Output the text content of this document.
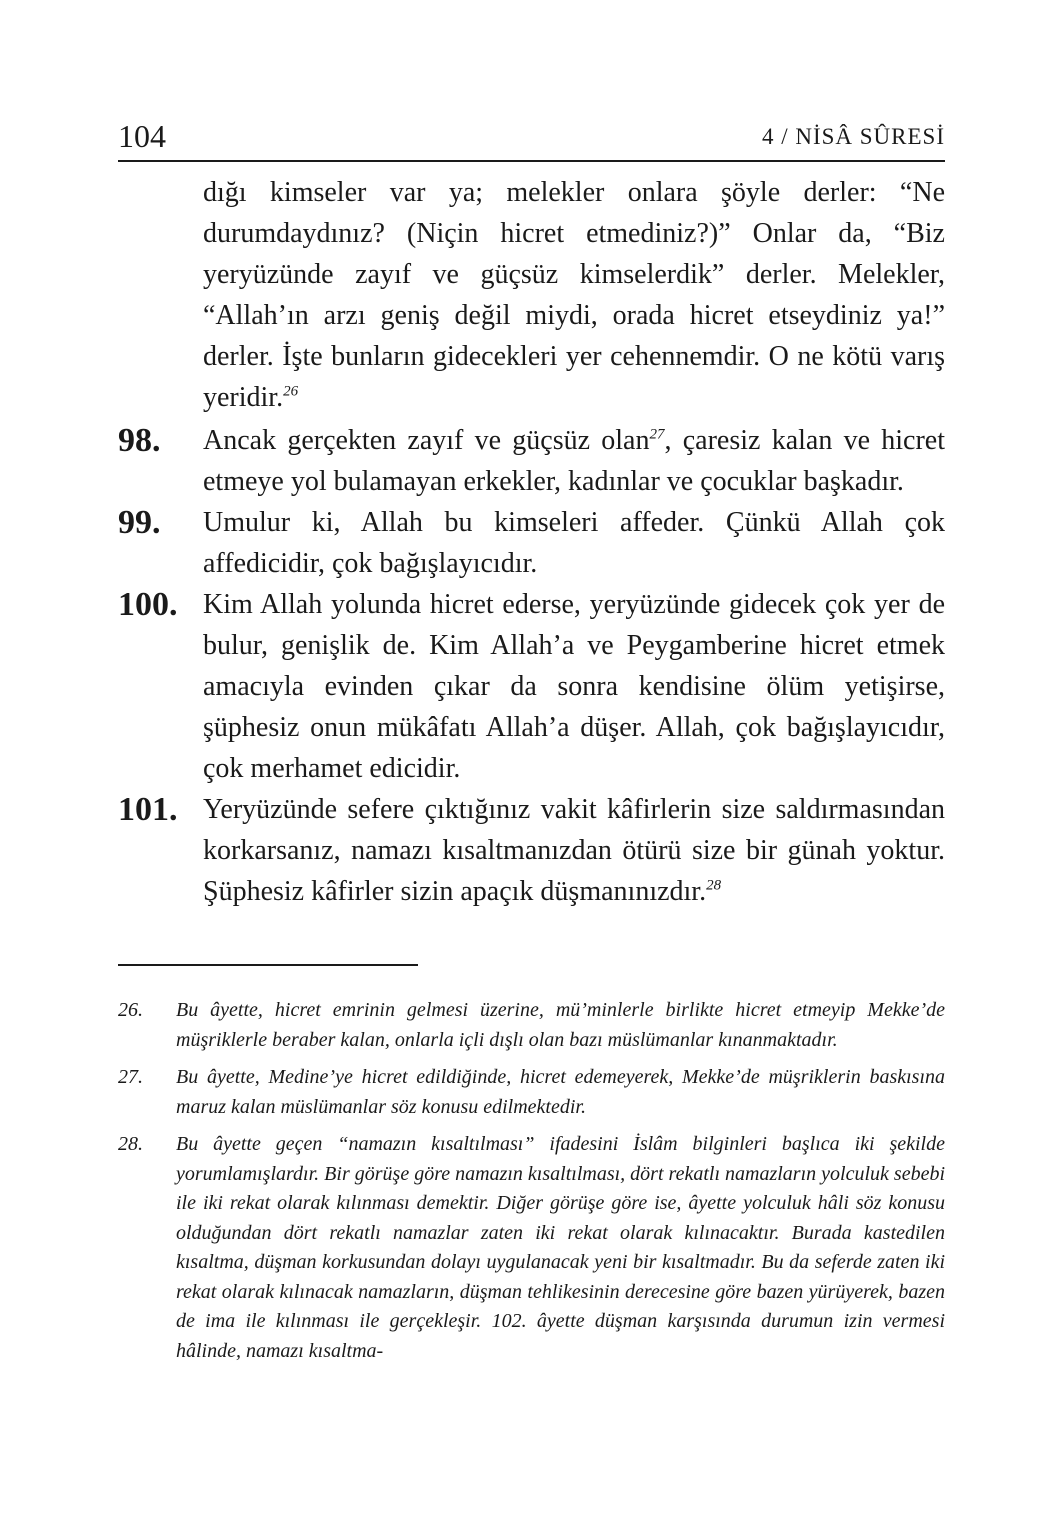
104	4 / NİSÂ SÛRESİ
dığı kimseler var ya; melekler onlara şöyle derler: “Ne durumdaydınız? (Niçin hicret etmediniz?)” Onlar da, “Biz yeryüzünde zayıf ve güçsüz kimselerdik” derler. Melekler, “Allah’ın arzı geniş değil miydi, orada hicret etseydiniz ya!” derler. İşte bunların gidecekleri yer cehennemdir. O ne kötü varış yeridir.$^{26}$
98. Ancak gerçekten zayıf ve güçsüz olan$^{27}$, çaresiz kalan ve hicret etmeye yol bulamayan erkekler, kadınlar ve çocuklar başkadır.
99. Umulur ki, Allah bu kimseleri affeder. Çünkü Allah çok affedicidir, çok bağışlayıcıdır.
100. Kim Allah yolunda hicret ederse, yeryüzünde gidecek çok yer de bulur, genişlik de. Kim Allah’a ve Peygamberine hicret etmek amacıyla evinden çıkar da sonra kendisine ölüm yetişirse, şüphesiz onun mükâfatı Allah’a düşer. Allah, çok bağışlayıcıdır, çok merhamet edicidir.
101. Yeryüzünde sefere çıktığınız vakit kâfirlerin size saldırmasından korkarsanız, namazı kısaltmanızdan ötürü size bir günah yoktur. Şüphesiz kâfirler sizin apaçık düşmanınızdır.$^{28}$
26. Bu âyette, hicret emrinin gelmesi üzerine, mü’minlerle birlikte hicret etmeyip Mekke’de müşriklerle beraber kalan, onlarla içli dışlı olan bazı müslümanlar kınanmaktadır.
27. Bu âyette, Medine’ye hicret edildiğinde, hicret edemeyerek, Mekke’de müşriklerin baskısına maruz kalan müslümanlar söz konusu edilmektedir.
28. Bu âyette geçen “namazın kısaltılması” ifadesini İslâm bilginleri başlıca iki şekilde yorumlamışlardır. Bir görüşe göre namazın kısaltılması, dört rekatlı namazların yolculuk sebebi ile iki rekat olarak kılınması demektir. Diğer görüşe göre ise, âyette yolculuk hâli söz konusu olduğundan dört rekatlı namazlar zaten iki rekat olarak kılınacaktır. Burada kastedilen kısaltma, düşman korkusundan dolayı uygulanacak yeni bir kısaltmadır. Bu da seferde zaten iki rekat olarak kılınacak namazların, düşman tehlikesinin derecesine göre bazen yürüyerek, bazen de ima ile kılınması ile gerçekleşir. 102. âyette düşman karşısında durumun izin vermesi hâlinde, namazı kısaltma-
